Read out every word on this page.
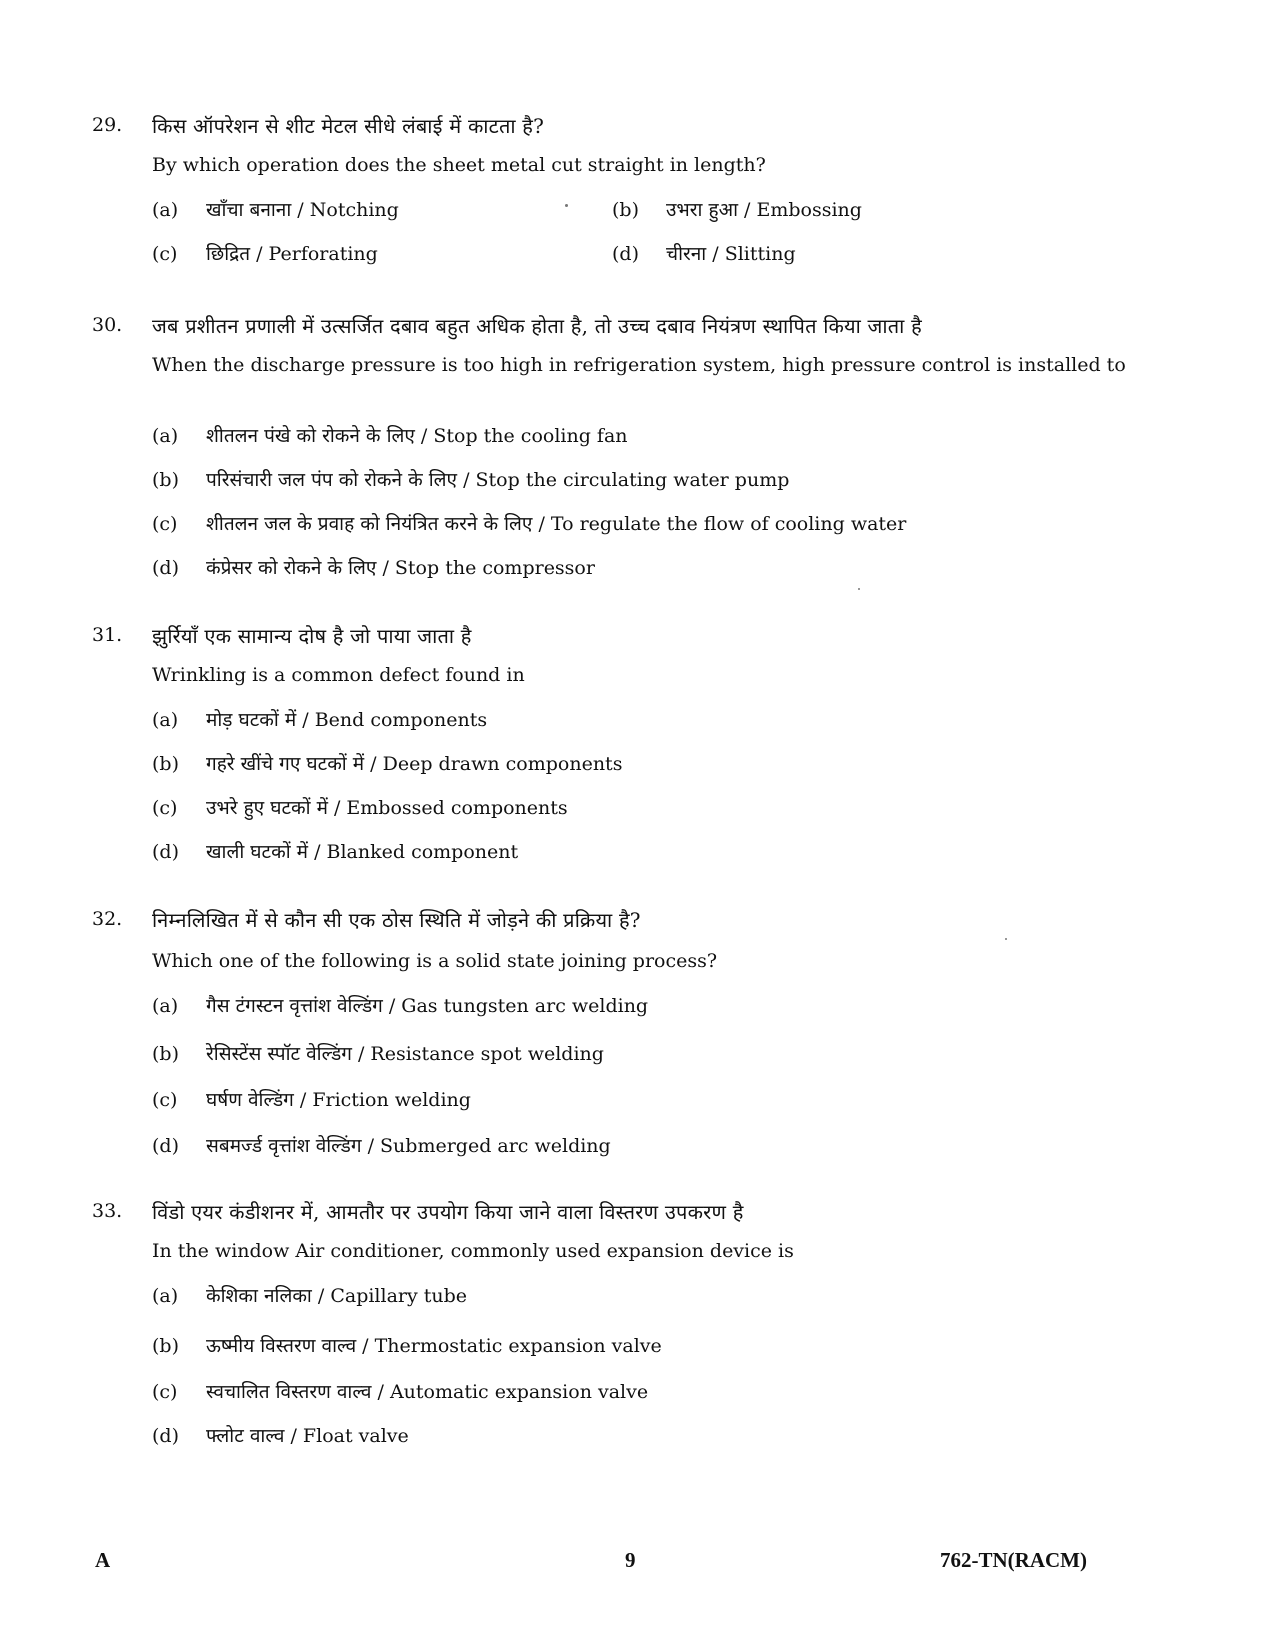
29. किस ऑपरेशन से शीट मेटल सीधे लंबाई में काटता है?
By which operation does the sheet metal cut straight in length?
(a) खाँचा बनाना / Notching	(b) उभरा हुआ / Embossing
(c) छिद्रित / Perforating	(d) चीरना / Slitting
30. जब प्रशीतन प्रणाली में उत्सर्जित दबाव बहुत अधिक होता है, तो उच्च दबाव नियंत्रण स्थापित किया जाता है
When the discharge pressure is too high in refrigeration system, high pressure control is installed to
(a) शीतलन पंखे को रोकने के लिए / Stop the cooling fan
(b) परिसंचारी जल पंप को रोकने के लिए / Stop the circulating water pump
(c) शीतलन जल के प्रवाह को नियंत्रित करने के लिए / To regulate the flow of cooling water
(d) कंप्रेसर को रोकने के लिए / Stop the compressor
31. झुर्रियाँ एक सामान्य दोष है जो पाया जाता है
Wrinkling is a common defect found in
(a) मोड़ घटकों में / Bend components
(b) गहरे खींचे गए घटकों में / Deep drawn components
(c) उभरे हुए घटकों में / Embossed components
(d) खाली घटकों में / Blanked component
32. निम्नलिखित में से कौन सी एक ठोस स्थिति में जोड़ने की प्रक्रिया है?
Which one of the following is a solid state joining process?
(a) गैस टंगस्टन वृत्तांश वेल्डिंग / Gas tungsten arc welding
(b) रेसिस्टेंस स्पॉट वेल्डिंग / Resistance spot welding
(c) घर्षण वेल्डिंग / Friction welding
(d) सबमर्ज्ड वृत्तांश वेल्डिंग / Submerged arc welding
33. विंडो एयर कंडीशनर में, आमतौर पर उपयोग किया जाने वाला विस्तरण उपकरण है
In the window Air conditioner, commonly used expansion device is
(a) केशिका नलिका / Capillary tube
(b) ऊष्मीय विस्तरण वाल्व / Thermostatic expansion valve
(c) स्वचालित विस्तरण वाल्व / Automatic expansion valve
(d) फ्लोट वाल्व / Float valve
A	9	762-TN(RACM)
